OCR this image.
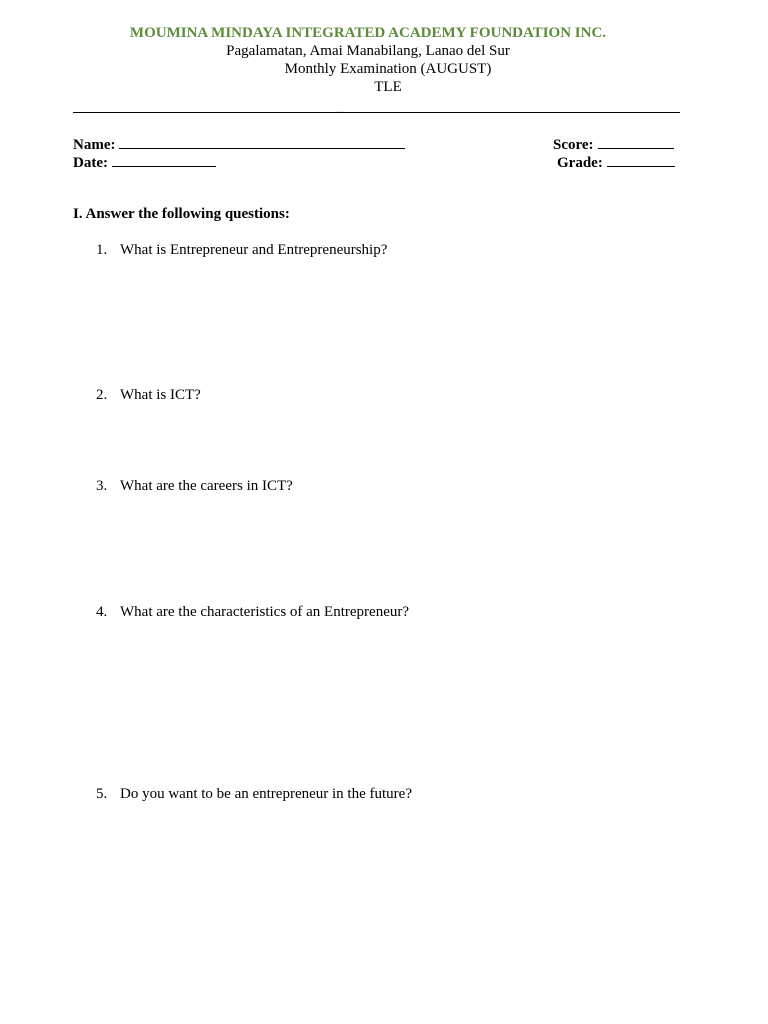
MOUMINA MINDAYA INTEGRATED ACADEMY FOUNDATION INC.
Pagalamatan, Amai Manabilang, Lanao del Sur
Monthly Examination (AUGUST)
TLE
_
Name:
Date:
Score:
Grade:
I. Answer the following questions:
1. What is Entrepreneur and Entrepreneurship?
2. What is ICT?
3. What are the careers in ICT?
4. What are the characteristics of an Entrepreneur?
5. Do you want to be an entrepreneur in the future?
